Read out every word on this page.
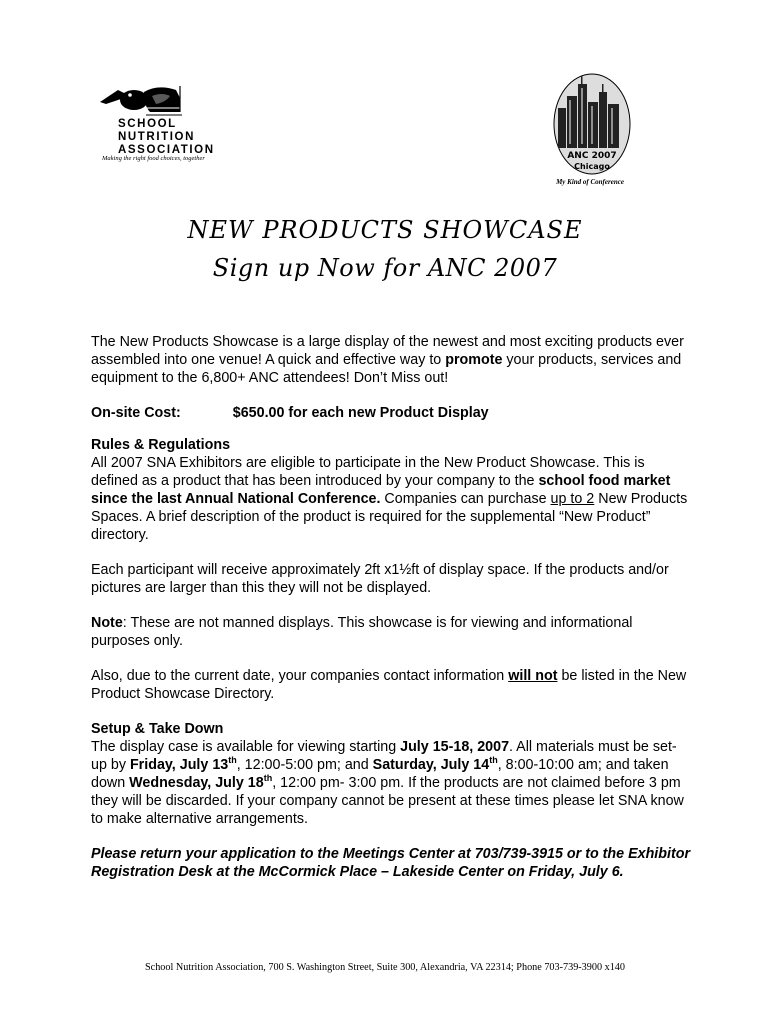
SCHOOL
NUTRITION
ASSOCIATION
Making the right food choices, together	ANC 2007
Chicago
My Kind of Conference
NEW PRODUCTS SHOWCASE
Sign up Now for ANC 2007

The New Products Showcase is a large display of the newest and most exciting products ever assembled into one venue! A quick and effective way to promote your products, services and equipment to the 6,800+ ANC attendees! Don’t Miss out!

On-site Cost:	$650.00 for each new Product Display

Rules & Regulations

All 2007 SNA Exhibitors are eligible to participate in the New Product Showcase. This is defined as a product that has been introduced by your company to the school food market since the last Annual National Conference. Companies can purchase up to 2 New Products Spaces. A brief description of the product is required for the supplemental “New Product” directory.

Each participant will receive approximately 2ft x1½ft of display space. If the products and/or pictures are larger than this they will not be displayed.

Note: These are not manned displays. This showcase is for viewing and informational purposes only.

Also, due to the current date, your companies contact information will not be listed in the New Product Showcase Directory.

Setup & Take Down

The display case is available for viewing starting July 15-18, 2007. All materials must be set-up by Friday, July 13th, 12:00-5:00 pm; and Saturday, July 14th, 8:00-10:00 am; and taken down Wednesday, July 18th, 12:00 pm- 3:00 pm. If the products are not claimed before 3 pm they will be discarded. If your company cannot be present at these times please let SNA know to make alternative arrangements.

Please return your application to the Meetings Center at 703/739-3915 or to the Exhibitor Registration Desk at the McCormick Place – Lakeside Center on Friday, July 6.

School Nutrition Association, 700 S. Washington Street, Suite 300, Alexandria, VA 22314; Phone 703-739-3900 x140
